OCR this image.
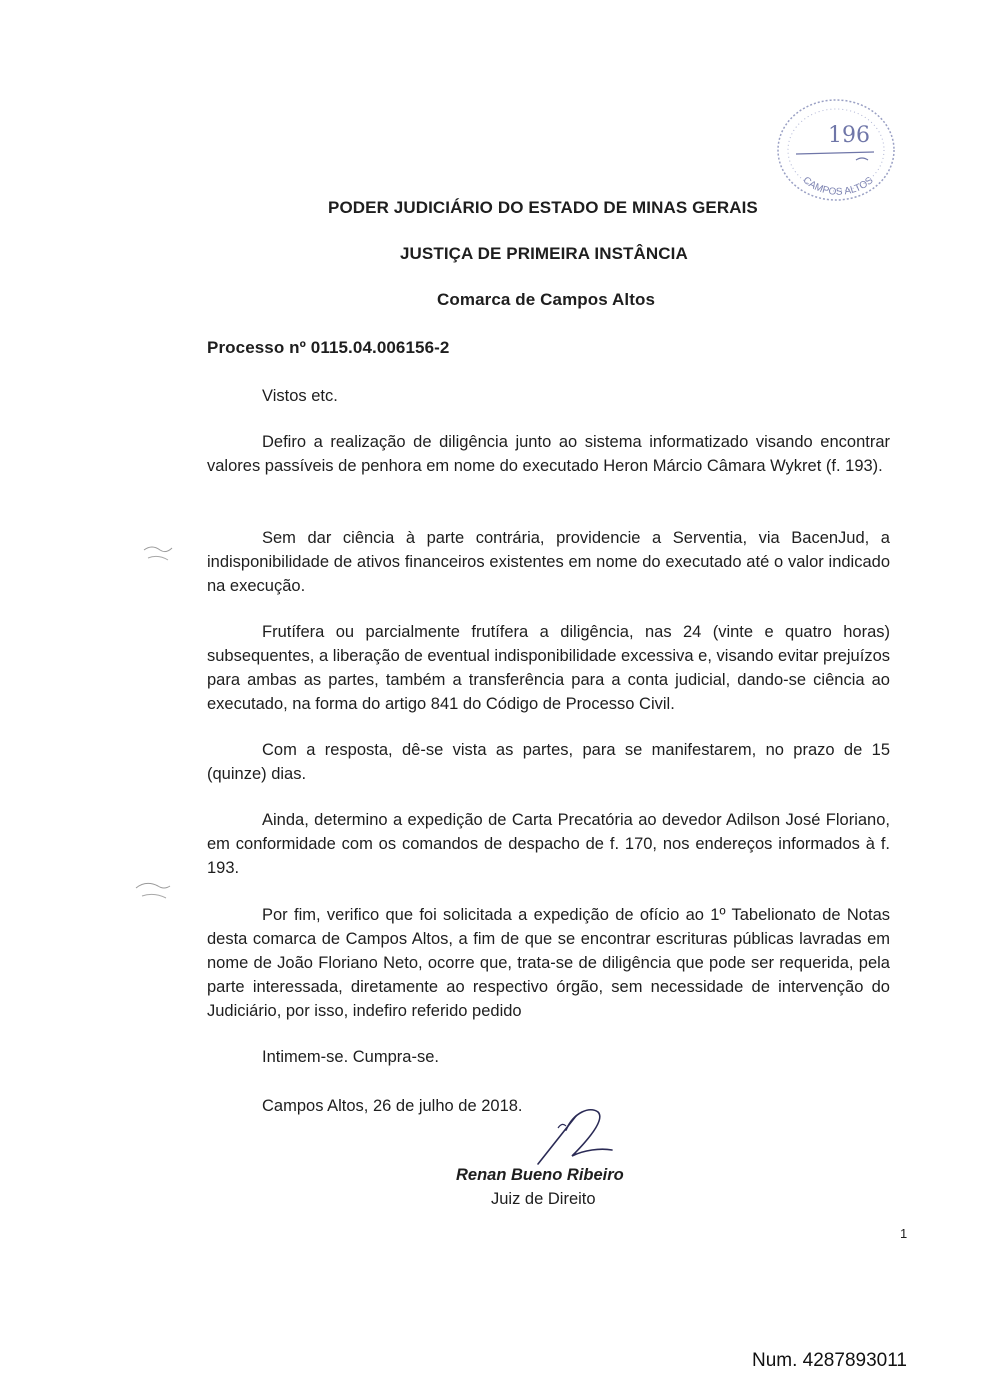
196
CAMPOS ALTOS
PODER JUDICIÁRIO DO ESTADO DE MINAS GERAIS
JUSTIÇA DE PRIMEIRA INSTÂNCIA
Comarca de Campos Altos
Processo nº 0115.04.006156-2
Vistos etc.

Defiro a realização de diligência junto ao sistema informatizado visando encontrar valores passíveis de penhora em nome do executado Heron Márcio Câmara Wykret (f. 193).

Sem dar ciência à parte contrária, providencie a Serventia, via BacenJud, a indisponibilidade de ativos financeiros existentes em nome do executado até o valor indicado na execução.

Frutífera ou parcialmente frutífera a diligência, nas 24 (vinte e quatro horas) subsequentes, a liberação de eventual indisponibilidade excessiva e, visando evitar prejuízos para ambas as partes, também a transferência para a conta judicial, dando-se ciência ao executado, na forma do artigo 841 do Código de Processo Civil.

Com a resposta, dê-se vista as partes, para se manifestarem, no prazo de 15 (quinze) dias.

Ainda, determino a expedição de Carta Precatória ao devedor Adilson José Floriano, em conformidade com os comandos de despacho de f. 170, nos endereços informados à f. 193.

Por fim, verifico que foi solicitada a expedição de ofício ao 1º Tabelionato de Notas desta comarca de Campos Altos, a fim de que se encontrar escrituras públicas lavradas em nome de João Floriano Neto, ocorre que, trata-se de diligência que pode ser requerida, pela parte interessada, diretamente ao respectivo órgão, sem necessidade de intervenção do Judiciário, por isso, indefiro referido pedido

Intimem-se. Cumpra-se.
Campos Altos, 26 de julho de 2018.
Renan Bueno Ribeiro
Juiz de Direito
1
Num. 4287893011
